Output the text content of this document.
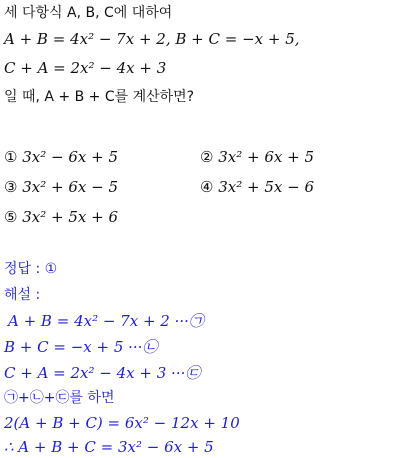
세 다항식 A, B, C에 대하여
A + B = 4x² − 7x + 2, B + C = −x + 5,
C + A = 2x² − 4x + 3
일 때, A + B + C를 계산하면?
① 3x² − 6x + 5	② 3x² + 6x + 5
③ 3x² + 6x − 5	④ 3x² + 5x − 6
⑤ 3x² + 5x + 6
정답 : ①
해설 :
A + B = 4x² − 7x + 2 ···㉠
B + C = −x + 5 ···㉡
C + A = 2x² − 4x + 3 ···㉢
㉠+㉡+㉢를 하면
2(A + B + C) = 6x² − 12x + 10
∴ A + B + C = 3x² − 6x + 5
